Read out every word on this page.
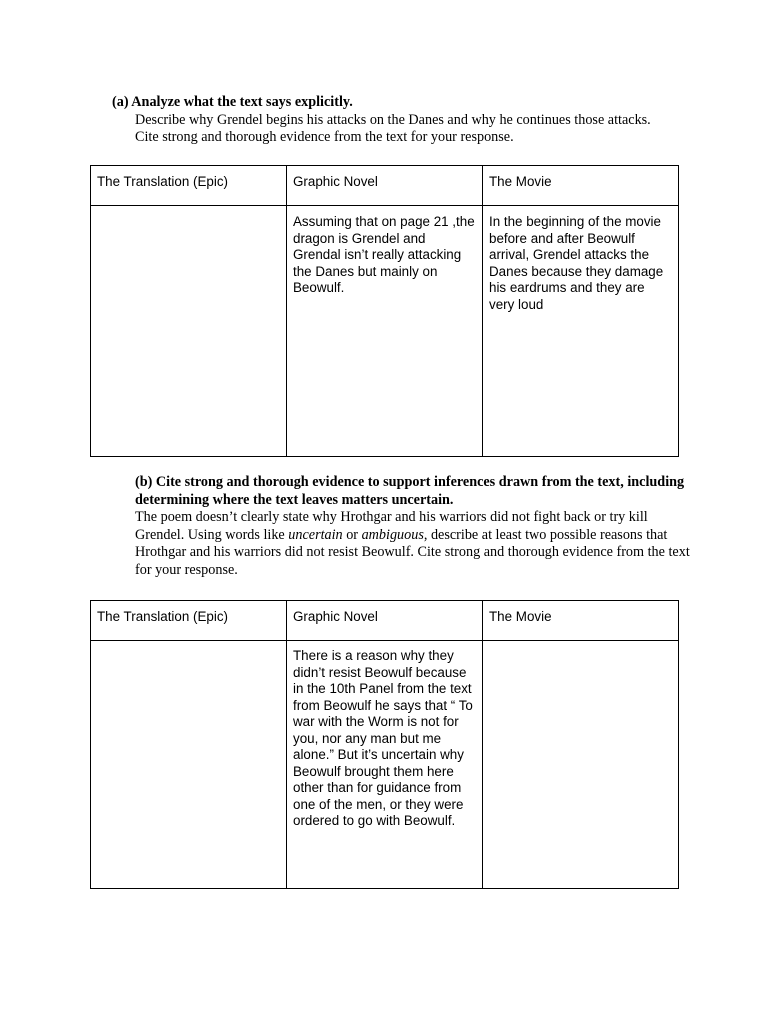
(a) Analyze what the text says explicitly.
Describe why Grendel begins his attacks on the Danes and why he continues those attacks. Cite strong and thorough evidence from the text for your response.
The Translation (Epic)	Graphic Novel	The Movie
	Assuming that on page 21 ,the dragon is Grendel and Grendal isn’t really attacking the Danes but mainly on Beowulf.	In the beginning of the movie before and after Beowulf arrival, Grendel attacks the Danes because they damage his eardrums and they are very loud
(b) Cite strong and thorough evidence to support inferences drawn from the text, including determining where the text leaves matters uncertain.
The poem doesn’t clearly state why Hrothgar and his warriors did not fight back or try kill Grendel. Using words like uncertain or ambiguous, describe at least two possible reasons that Hrothgar and his warriors did not resist Beowulf. Cite strong and thorough evidence from the text for your response.
The Translation (Epic)	Graphic Novel	The Movie
	There is a reason why they didn’t resist Beowulf because in the 10th Panel from the text from Beowulf he says that “ To war with the Worm is not for you, nor any man but me alone.” But it’s uncertain why Beowulf brought them here other than for guidance from one of the men, or they were ordered to go with Beowulf.	
